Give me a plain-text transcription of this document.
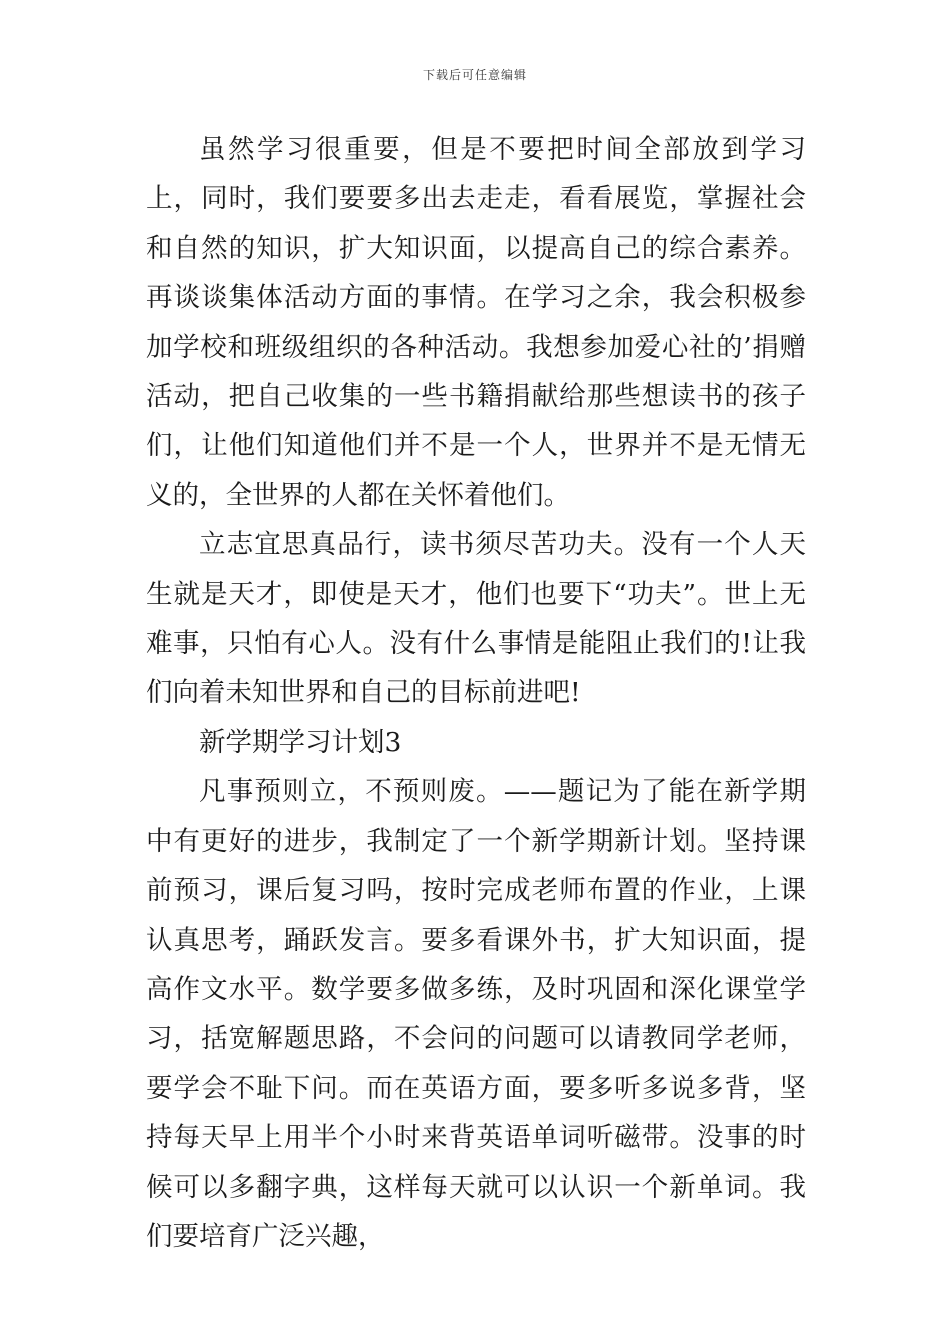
下载后可任意编辑

虽然学习很重要，但是不要把时间全部放到学习上，同时，我们要要多出去走走，看看展览，掌握社会和自然的知识，扩大知识面，以提高自己的综合素养。再谈谈集体活动方面的事情。在学习之余，我会积极参加学校和班级组织的各种活动。我想参加爱心社的’捐赠活动，把自己收集的一些书籍捐献给那些想读书的孩子们，让他们知道他们并不是一个人，世界并不是无情无义的，全世界的人都在关怀着他们。

立志宜思真品行，读书须尽苦功夫。没有一个人天生就是天才，即使是天才，他们也要下“功夫”。世上无难事，只怕有心人。没有什么事情是能阻止我们的!让我们向着未知世界和自己的目标前进吧!

新学期学习计划3

凡事预则立，不预则废。——题记为了能在新学期中有更好的进步，我制定了一个新学期新计划。坚持课前预习，课后复习吗，按时完成老师布置的作业，上课认真思考，踊跃发言。要多看课外书，扩大知识面，提高作文水平。数学要多做多练，及时巩固和深化课堂学习，括宽解题思路，不会问的问题可以请教同学老师，要学会不耻下问。而在英语方面，要多听多说多背，坚持每天早上用半个小时来背英语单词听磁带。没事的时候可以多翻字典，这样每天就可以认识一个新单词。我们要培育广泛兴趣，
